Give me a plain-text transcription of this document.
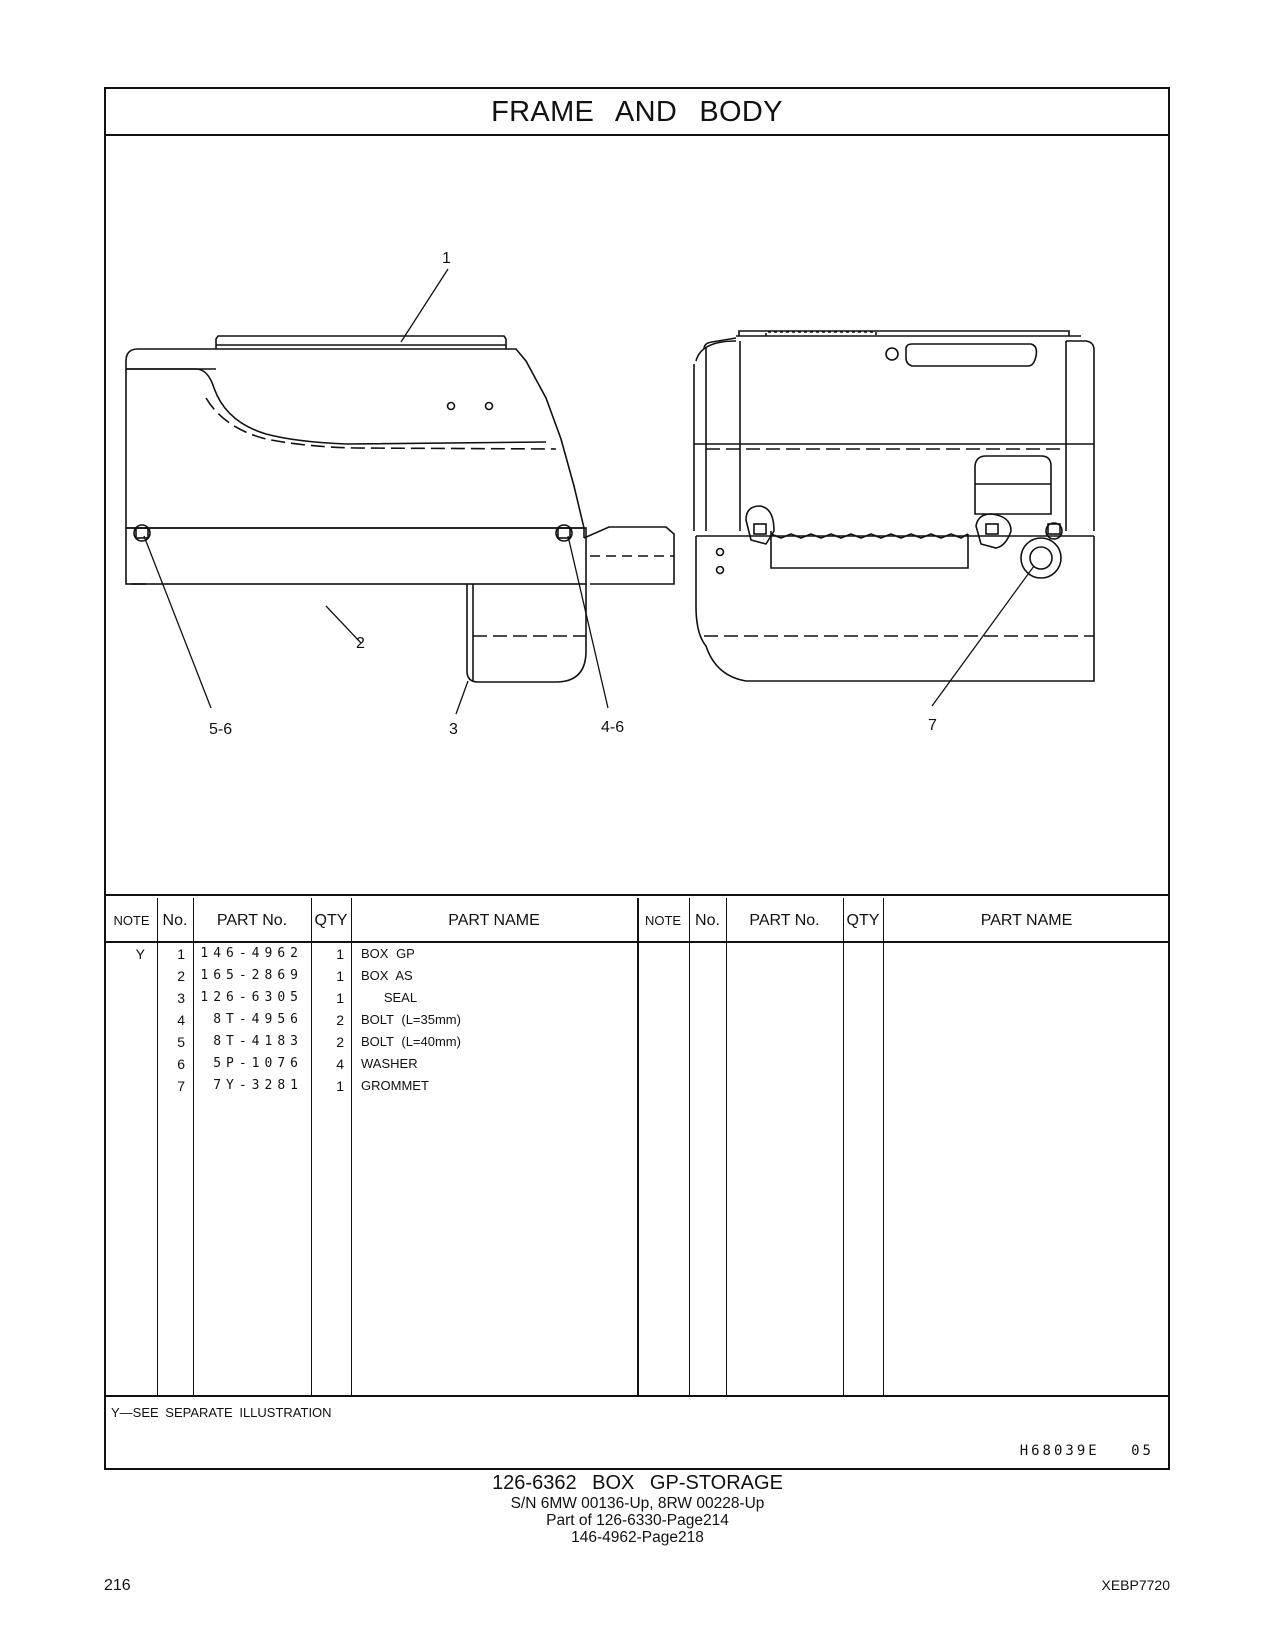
FRAME AND BODY
1
2
3	4-6
5-6	7
NOTE No.	PART No.	QTY	PART NAME	NOTE No.	PART No.	QTY	PART NAME
Y	1	146-4962	1	BOX GP
2	165-2869	1	BOX AS
3	126-6305	1	SEAL
4	8T-4956	2	BOLT (L=35mm)
5	8T-4183	2	BOLT (L=40mm)
6	5P-1076	4	WASHER
7	7Y-3281	1	GROMMET
Y—SEE SEPARATE ILLUSTRATION
H68039E 05
126-6362 BOX GP-STORAGE
S/N 6MW 00136-Up, 8RW 00228-Up
Part of 126-6330-Page214
146-4962-Page218
216	XEBP7720
